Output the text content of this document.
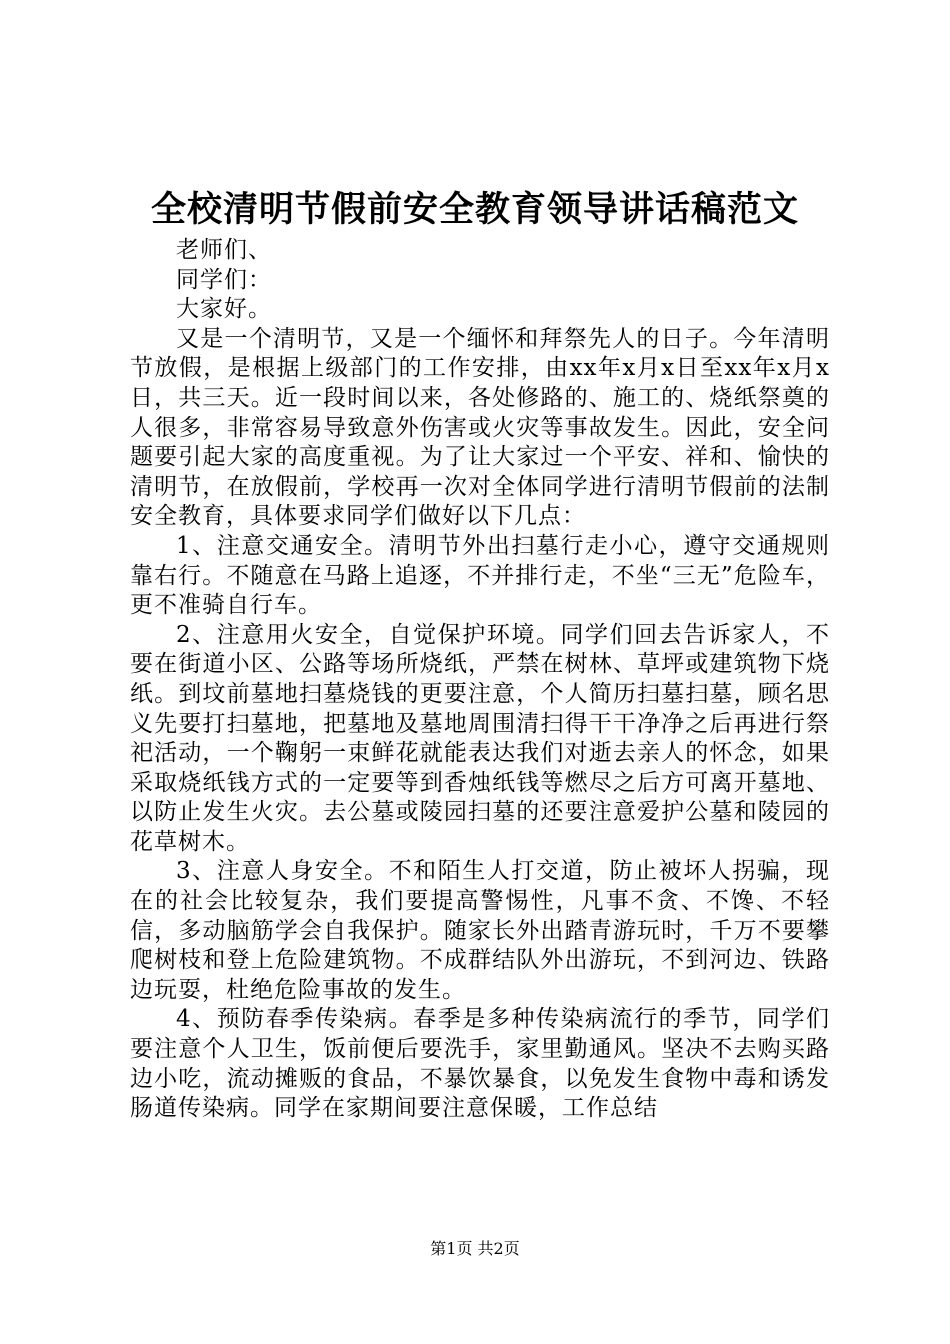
全校清明节假前安全教育领导讲话稿范文

老师们、

同学们：

大家好。

又是一个清明节，又是一个缅怀和拜祭先人的日子。今年清明节放假，是根据上级部门的工作安排，由xx年x月x日至xx年x月x日，共三天。近一段时间以来，各处修路的、施工的、烧纸祭奠的人很多，非常容易导致意外伤害或火灾等事故发生。因此，安全问题要引起大家的高度重视。为了让大家过一个平安、祥和、愉快的清明节，在放假前，学校再一次对全体同学进行清明节假前的法制安全教育，具体要求同学们做好以下几点：

1、注意交通安全。清明节外出扫墓行走小心，遵守交通规则靠右行。不随意在马路上追逐，不并排行走，不坐“三无”危险车，更不准骑自行车。

2、注意用火安全，自觉保护环境。同学们回去告诉家人，不要在街道小区、公路等场所烧纸，严禁在树林、草坪或建筑物下烧纸。到坟前墓地扫墓烧钱的更要注意，个人简历扫墓扫墓，顾名思义先要打扫墓地，把墓地及墓地周围清扫得干干净净之后再进行祭祀活动，一个鞠躬一束鲜花就能表达我们对逝去亲人的怀念，如果采取烧纸钱方式的一定要等到香烛纸钱等燃尽之后方可离开墓地、以防止发生火灾。去公墓或陵园扫墓的还要注意爱护公墓和陵园的花草树木。

3、注意人身安全。不和陌生人打交道，防止被坏人拐骗，现在的社会比较复杂，我们要提高警惕性，凡事不贪、不馋、不轻信，多动脑筋学会自我保护。随家长外出踏青游玩时，千万不要攀爬树枝和登上危险建筑物。不成群结队外出游玩，不到河边、铁路边玩耍，杜绝危险事故的发生。

4、预防春季传染病。春季是多种传染病流行的季节，同学们要注意个人卫生，饭前便后要洗手，家里勤通风。坚决不去购买路边小吃，流动摊贩的食品，不暴饮暴食，以免发生食物中毒和诱发肠道传染病。同学在家期间要注意保暖，工作总结

第1页 共2页
